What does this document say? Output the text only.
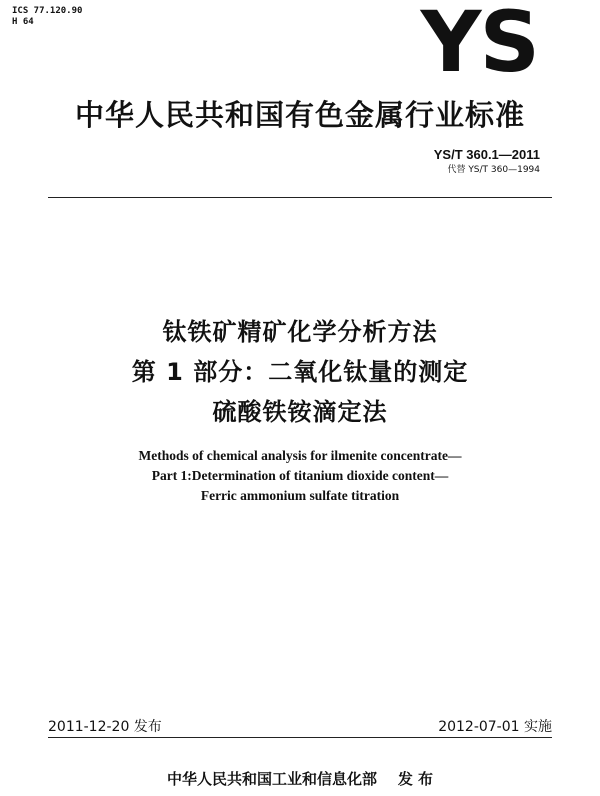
ICS 77.120.90
H 64	YS
中华人民共和国有色金属行业标准
YS/T 360.1—2011
代替 YS/T 360—1994
钛铁矿精矿化学分析方法
第 1 部分：二氧化钛量的测定
硫酸铁铵滴定法
Methods of chemical analysis for ilmenite concentrate—
Part 1:Determination of titanium dioxide content—
Ferric ammonium sulfate titration
2011-12-20 发布	2012-07-01 实施
中华人民共和国工业和信息化部    发 布
